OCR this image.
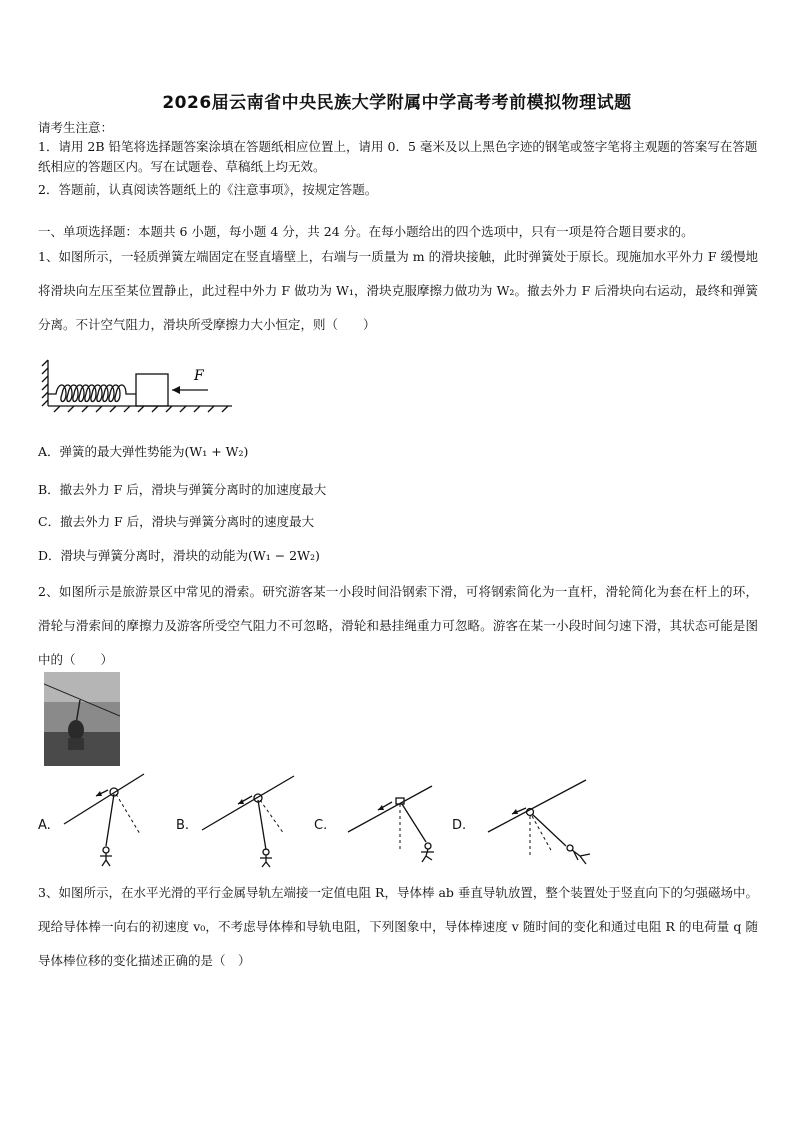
2026届云南省中央民族大学附属中学高考考前模拟物理试题
请考生注意：
1．请用 2B 铅笔将选择题答案涂填在答题纸相应位置上，请用 0．5 毫米及以上黑色字迹的钢笔或签字笔将主观题的答案写在答题纸相应的答题区内。写在试题卷、草稿纸上均无效。
2．答题前，认真阅读答题纸上的《注意事项》，按规定答题。
一、单项选择题：本题共 6 小题，每小题 4 分，共 24 分。在每小题给出的四个选项中，只有一项是符合题目要求的。
1、如图所示，一轻质弹簧左端固定在竖直墙壁上，右端与一质量为 m 的滑块接触，此时弹簧处于原长。现施加水平外力 F 缓慢地将滑块向左压至某位置静止，此过程中外力 F 做功为 W₁，滑块克服摩擦力做功为 W₂。撤去外力 F 后滑块向右运动，最终和弹簧分离。不计空气阻力，滑块所受摩擦力大小恒定，则（　　）
F
A．弹簧的最大弹性势能为(W₁ + W₂)
B．撤去外力 F 后，滑块与弹簧分离时的加速度最大
C．撤去外力 F 后，滑块与弹簧分离时的速度最大
D．滑块与弹簧分离时，滑块的动能为(W₁ − 2W₂)
2、如图所示是旅游景区中常见的滑索。研究游客某一小段时间沿钢索下滑，可将钢索简化为一直杆，滑轮简化为套在杆上的环，滑轮与滑索间的摩擦力及游客所受空气阻力不可忽略，滑轮和悬挂绳重力可忽略。游客在某一小段时间匀速下滑，其状态可能是图中的（　　）
A.	B.	C.	D.
3、如图所示，在水平光滑的平行金属导轨左端接一定值电阻 R，导体棒 ab 垂直导轨放置，整个装置处于竖直向下的匀强磁场中。现给导体棒一向右的初速度 v₀，不考虑导体棒和导轨电阻，下列图象中，导体棒速度 v 随时间的变化和通过电阻 R 的电荷量 q 随导体棒位移的变化描述正确的是（　）
